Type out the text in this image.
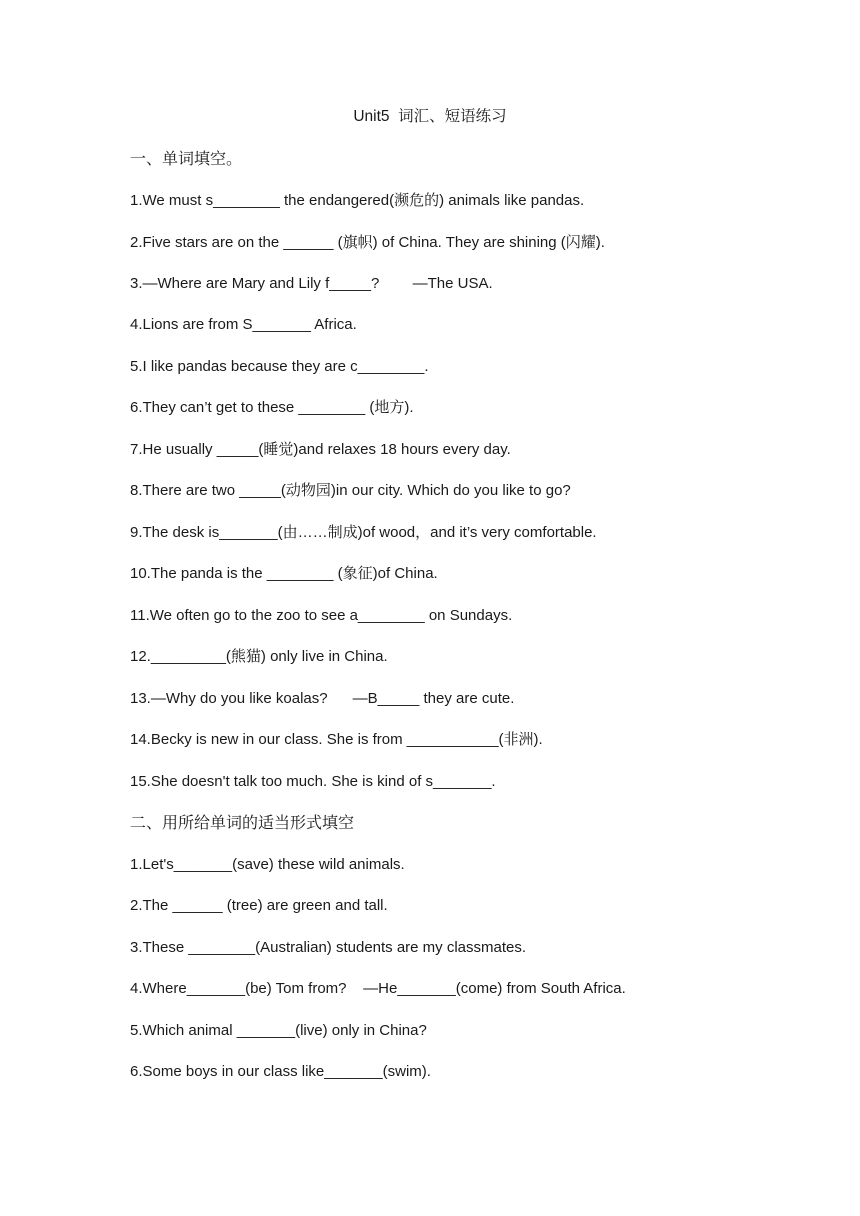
Unit5  词汇、短语练习
一、单词填空。
1.We must s________ the endangered(濒危的) animals like pandas.
2.Five stars are on the ______ (旗帜) of China. They are shining (闪耀).
3.—Where are Mary and Lily f_____?        —The USA.
4.Lions are from S_______ Africa.
5.I like pandas because they are c________.
6.They can’t get to these ________ (地方).
7.He usually _____(睡觉)and relaxes 18 hours every day.
8.There are two _____(动物园)in our city. Which do you like to go?
9.The desk is_______(由……制成)of wood，and it’s very comfortable.
10.The panda is the ________ (象征)of China.
11.We often go to the zoo to see a________ on Sundays.
12._________(熊猫) only live in China.
13.—Why do you like koalas?      —B_____ they are cute.
14.Becky is new in our class. She is from ___________(非洲).
15.She doesn't talk too much. She is kind of s_______.
二、用所给单词的适当形式填空
1.Let's_______(save) these wild animals.
2.The ______ (tree) are green and tall.
3.These ________(Australian) students are my classmates.
4.Where_______(be) Tom from?    —He_______(come) from South Africa.
5.Which animal _______(live) only in China?
6.Some boys in our class like_______(swim).
